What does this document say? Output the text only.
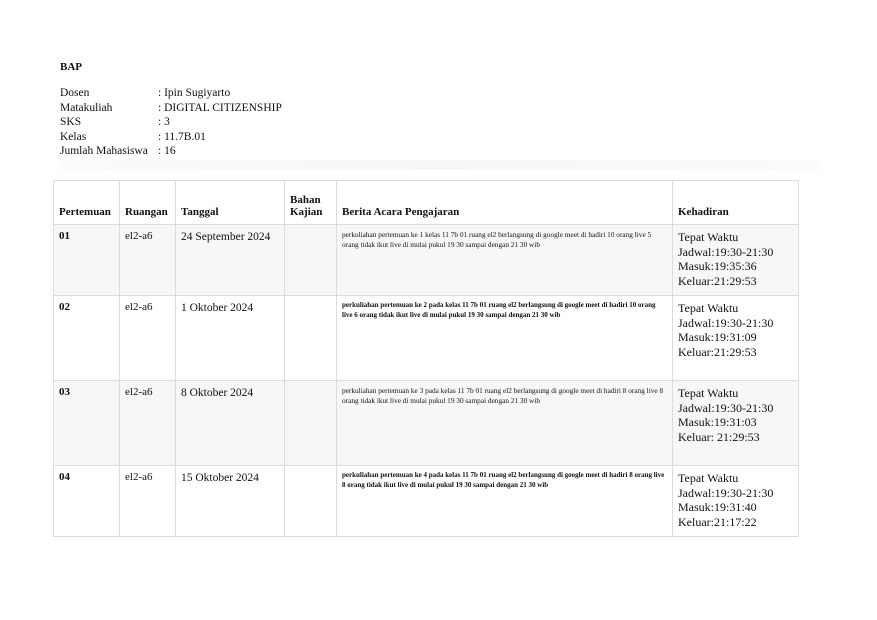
BAP
Dosen	: Ipin Sugiyarto
Matakuliah	: DIGITAL CITIZENSHIP
SKS	: 3
Kelas	: 11.7B.01
Jumlah Mahasiswa : 16
Pertemuan	Ruangan	Tanggal	Bahan Kajian	Berita Acara Pengajaran	Kehadiran
01	el2-a6	24 September 2024		perkuliahan pertemuan ke 1 kelas 11 7b 01 ruang el2 berlangsung di google meet di hadiri 10 orang live 5 orang tidak ikut live di mulai pukul 19 30 sampai dengan 21 30 wib	Tepat Waktu
Jadwal:19:30-21:30
Masuk:19:35:36
Keluar:21:29:53

02	el2-a6	1 Oktober 2024		perkuliahan pertemuan ke 2 pada kelas 11 7b 01 ruang el2 berlangsung di google meet di hadiri 10 orang live 6 orang tidak ikut live di mulai pukul 19 30 sampai dengan 21 30 wib	Tepat Waktu
Jadwal:19:30-21:30
Masuk:19:31:09
Keluar:21:29:53

03	el2-a6	8 Oktober 2024		perkuliahan pertemuan ke 3 pada kelas 11 7b 01 ruang el2 berlangsung di google meet di hadiri 8 orang live 8 orang tidak ikut live di mulai pukul 19 30 sampai dengan 21 30 wib	Tepat Waktu
Jadwal:19:30-21:30
Masuk:19:31:03
Keluar: 21:29:53

04	el2-a6	15 Oktober 2024		perkuliahan pertemuan ke 4 pada kelas 11 7b 01 ruang el2 berlangsung di google meet di hadiri 8 orang live 8 orang tidak ikut live di mulai pukul 19 30 sampai dengan 21 30 wib	Tepat Waktu
Jadwal:19:30-21:30
Masuk:19:31:40
Keluar:21:17:22
